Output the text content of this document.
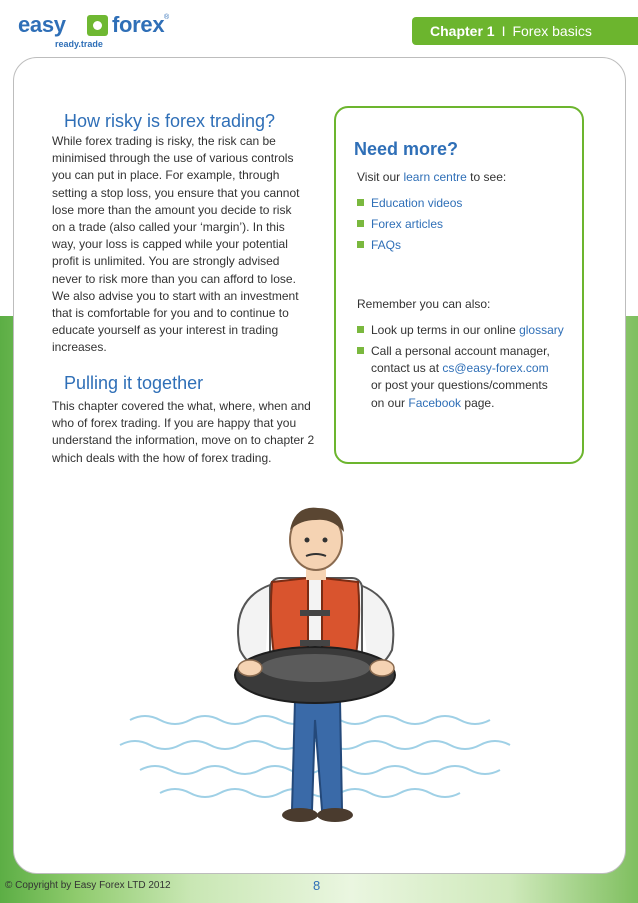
easy forex ®
ready.trade
Chapter 1 I Forex basics
How risky is forex trading?
While forex trading is risky, the risk can be
minimised through the use of various controls
you can put in place. For example, through
setting a stop loss, you ensure that you cannot
lose more than the amount you decide to risk
on a trade (also called your ‘margin’). In this
way, your loss is capped while your potential
profit is unlimited. You are strongly advised
never to risk more than you can afford to lose.
We also advise you to start with an investment
that is comfortable for you and to continue to
educate yourself as your interest in trading
increases.
Pulling it together
This chapter covered the what, where, when and
who of forex trading. If you are happy that you
understand the information, move on to chapter 2
which deals with the how of forex trading.
Need more?
Visit our learn centre to see:
Education videos
Forex articles
FAQs
Remember you can also:
Look up terms in our online glossary
Call a personal account manager,
contact us at cs@easy-forex.com
or post your questions/comments
on our Facebook page.
© Copyright by Easy Forex LTD 2012	8
